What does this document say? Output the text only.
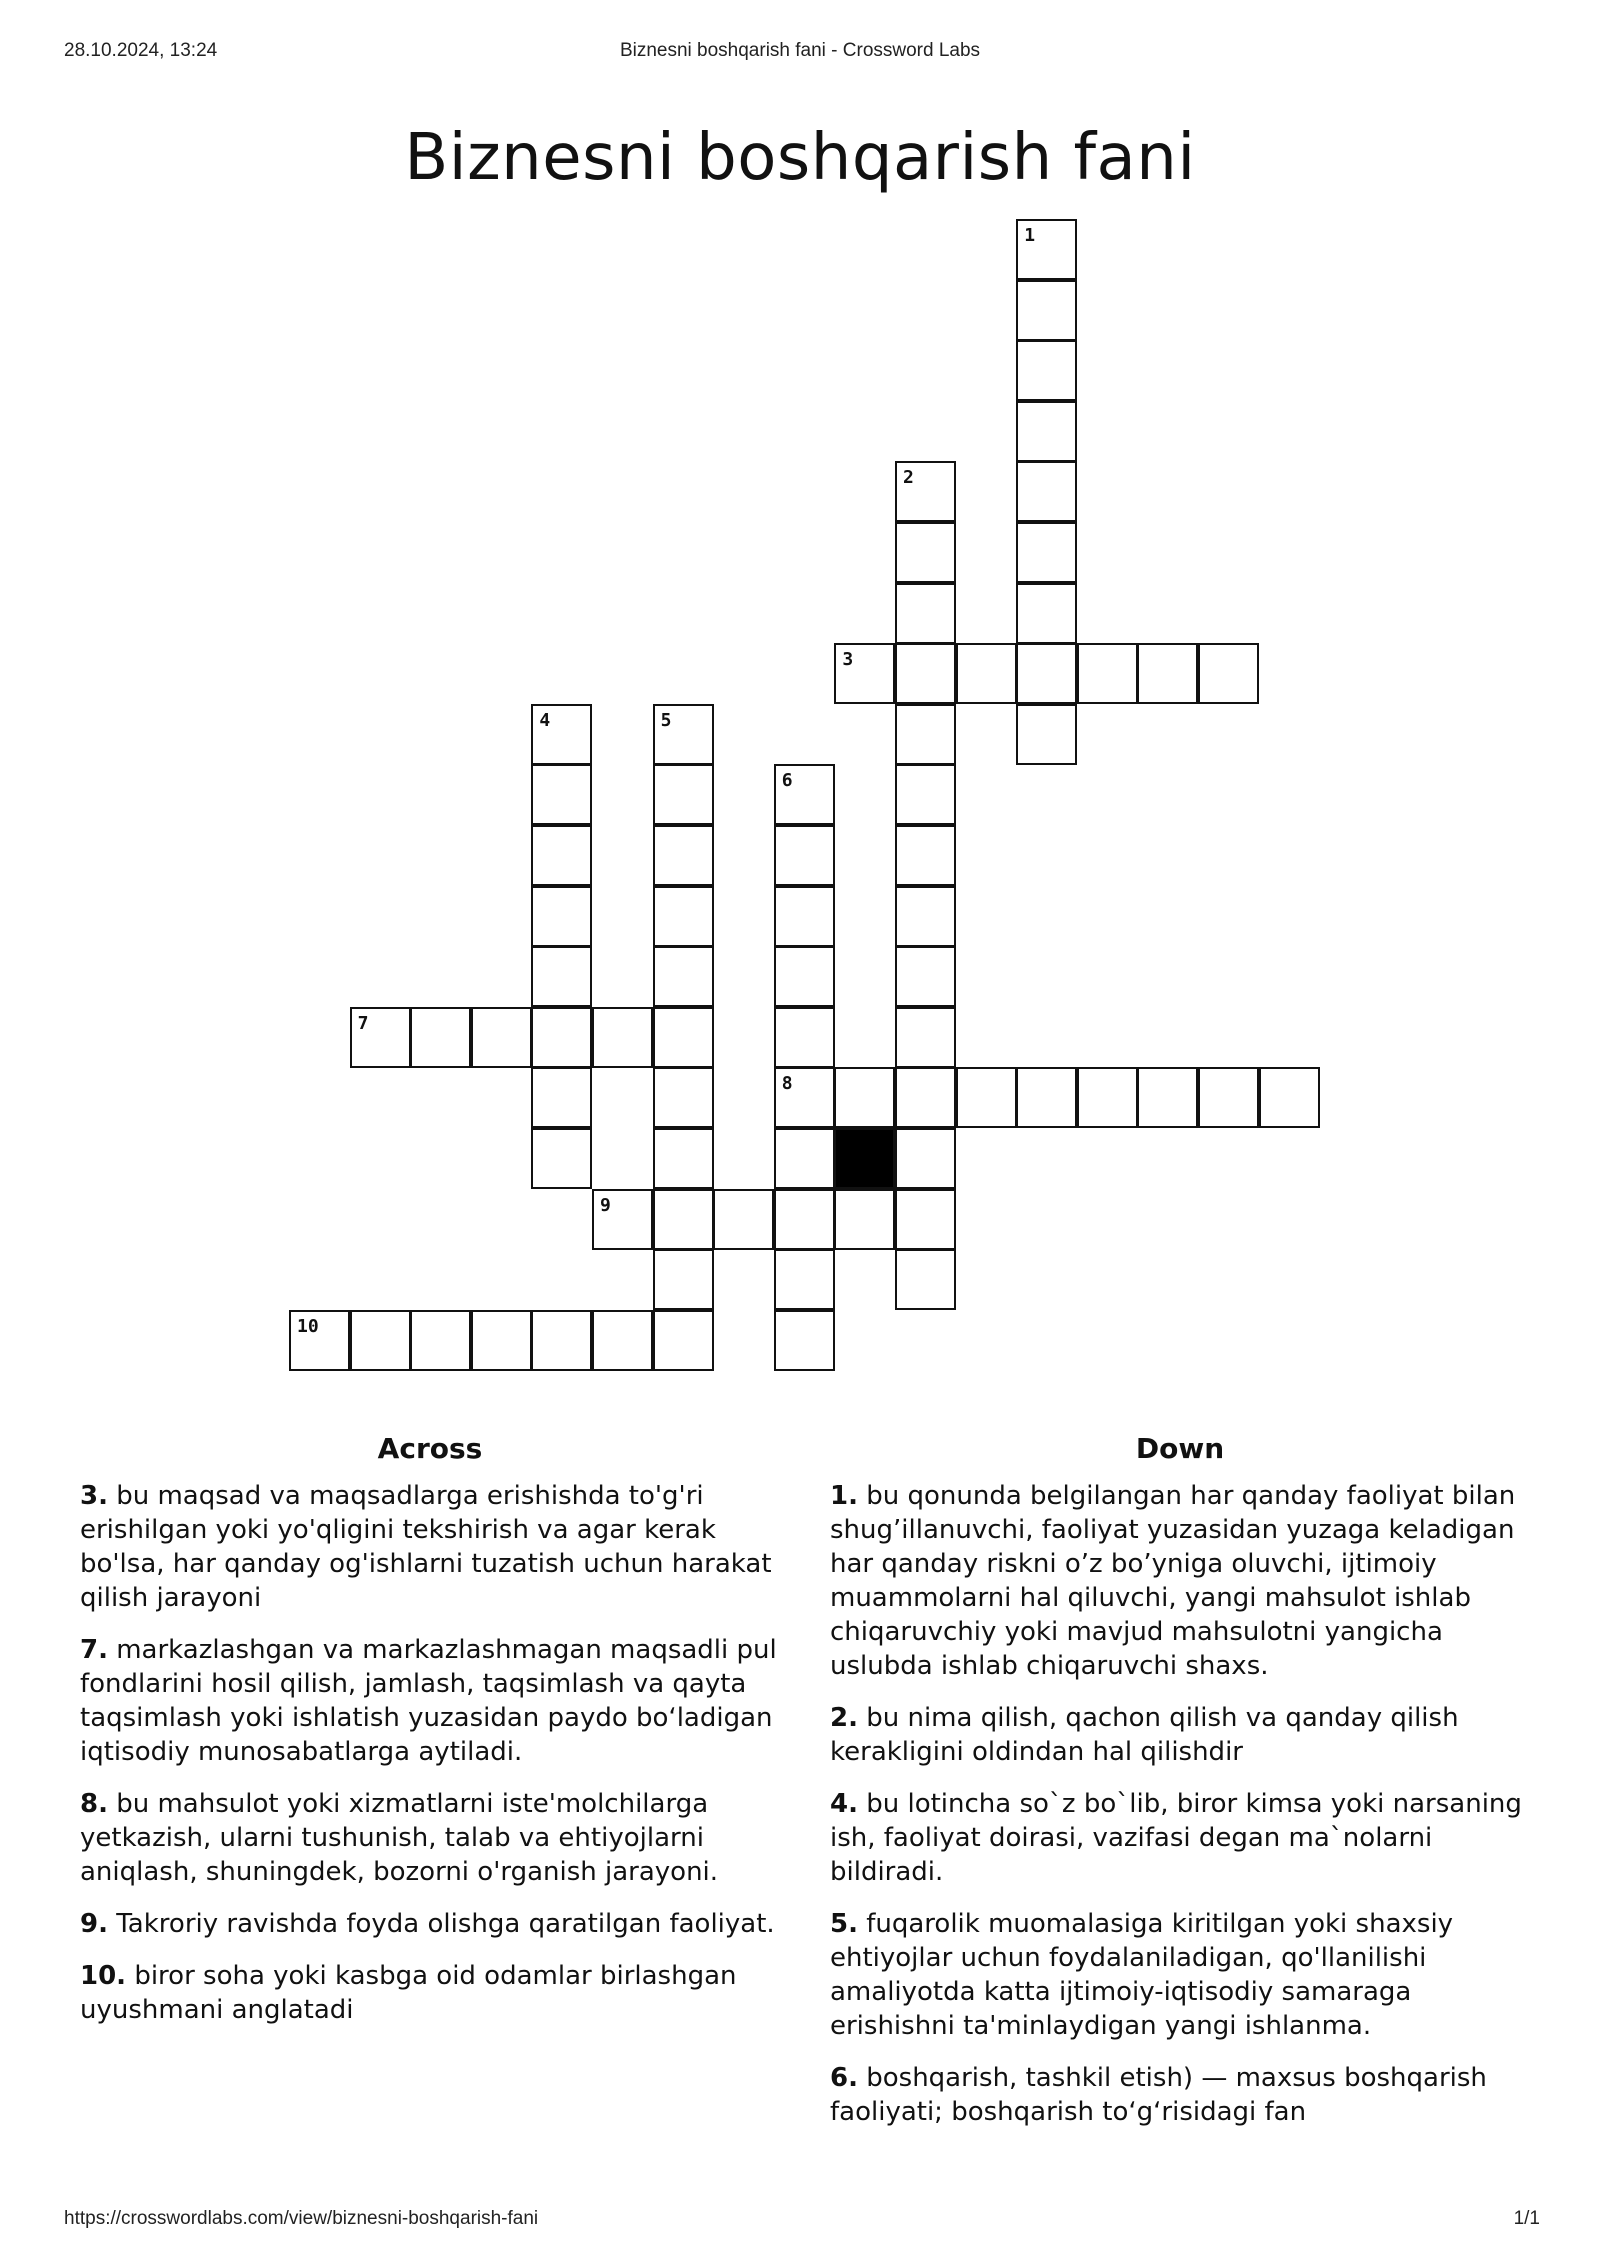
28.10.2024, 13:24	Biznesni boshqarish fani - Crossword Labs
Biznesni boshqarish fani
1
2
3
4	5
6
8
7
9
10
Across
3. bu maqsad va maqsadlarga erishishda to'g'ri erishilgan yoki yo'qligini tekshirish va agar kerak bo'lsa, har qanday og'ishlarni tuzatish uchun harakat qilish jarayoni
7. markazlashgan va markazlashmagan maqsadli pul fondlarini hosil qilish, jamlash, taqsimlash va qayta taqsimlash yoki ishlatish yuzasidan paydo boʻladigan iqtisodiy munosabatlarga aytiladi.
8. bu mahsulot yoki xizmatlarni iste'molchilarga yetkazish, ularni tushunish, talab va ehtiyojlarni aniqlash, shuningdek, bozorni o'rganish jarayoni.
9. Takroriy ravishda foyda olishga qaratilgan faoliyat.
10. biror soha yoki kasbga oid odamlar birlashgan uyushmani anglatadi
Down
1. bu qonunda belgilangan har qanday faoliyat bilan shug’illanuvchi, faoliyat yuzasidan yuzaga keladigan har qanday riskni o’z bo’yniga oluvchi, ijtimoiy muammolarni hal qiluvchi, yangi mahsulot ishlab chiqaruvchiy yoki mavjud mahsulotni yangicha uslubda ishlab chiqaruvchi shaxs.
2. bu nima qilish, qachon qilish va qanday qilish kerakligini oldindan hal qilishdir
4. bu lotincha so`z bo`lib, biror kimsa yoki narsaning ish, faoliyat doirasi, vazifasi degan ma`nolarni bildiradi.
5. fuqarolik muomalasiga kiritilgan yoki shaxsiy ehtiyojlar uchun foydalaniladigan, qo'llanilishi amaliyotda katta ijtimoiy-iqtisodiy samaraga erishishni ta'minlaydigan yangi ishlanma.
6. boshqarish, tashkil etish) — maxsus boshqarish faoliyati; boshqarish toʻgʻrisidagi fan
https://crosswordlabs.com/view/biznesni-boshqarish-fani	1/1
